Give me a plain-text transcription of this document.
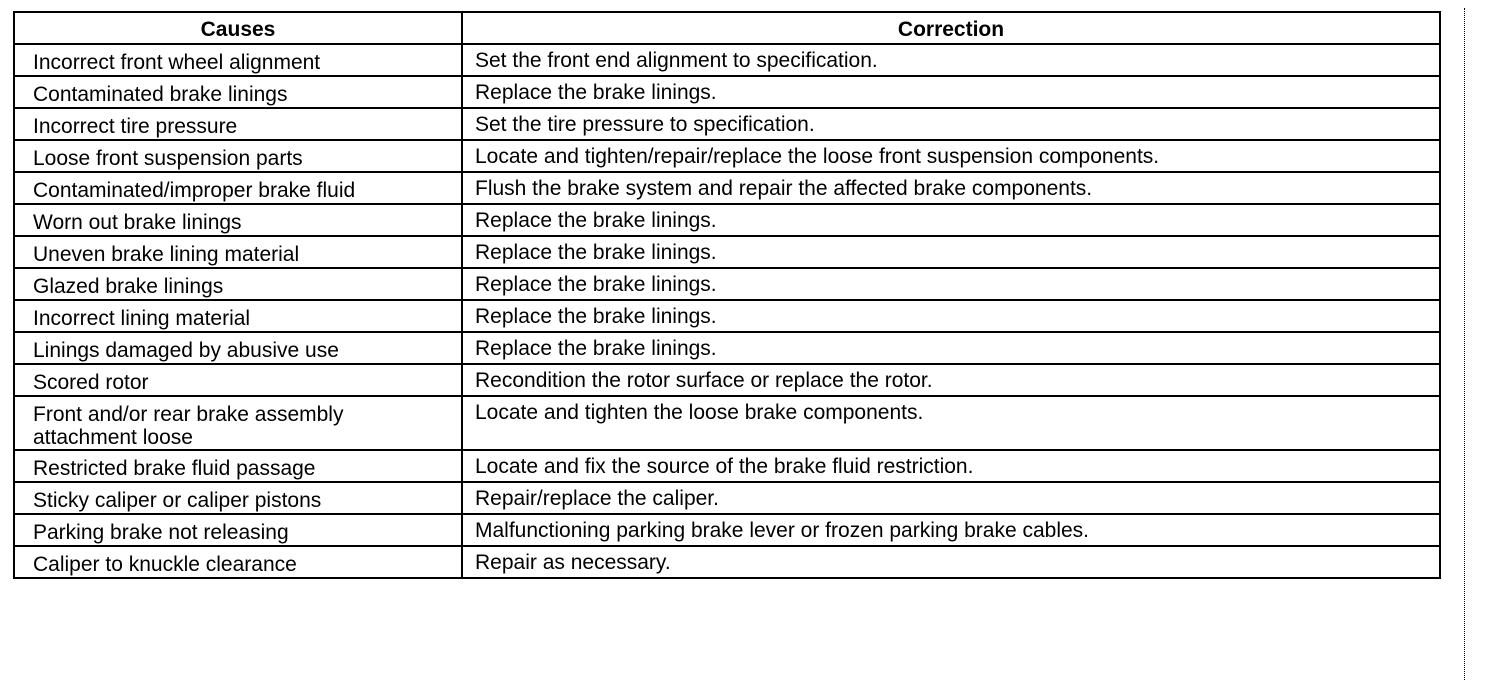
Causes	Correction
Incorrect front wheel alignment	Set the front end alignment to specification.
Contaminated brake linings	Replace the brake linings.
Incorrect tire pressure	Set the tire pressure to specification.
Loose front suspension parts	Locate and tighten/repair/replace the loose front suspension components.
Contaminated/improper brake fluid	Flush the brake system and repair the affected brake components.
Worn out brake linings	Replace the brake linings.
Uneven brake lining material	Replace the brake linings.
Glazed brake linings	Replace the brake linings.
Incorrect lining material	Replace the brake linings.
Linings damaged by abusive use	Replace the brake linings.
Scored rotor	Recondition the rotor surface or replace the rotor.
Front and/or rear brake assembly attachment loose	Locate and tighten the loose brake components.
Restricted brake fluid passage	Locate and fix the source of the brake fluid restriction.
Sticky caliper or caliper pistons	Repair/replace the caliper.
Parking brake not releasing	Malfunctioning parking brake lever or frozen parking brake cables.
Caliper to knuckle clearance	Repair as necessary.
